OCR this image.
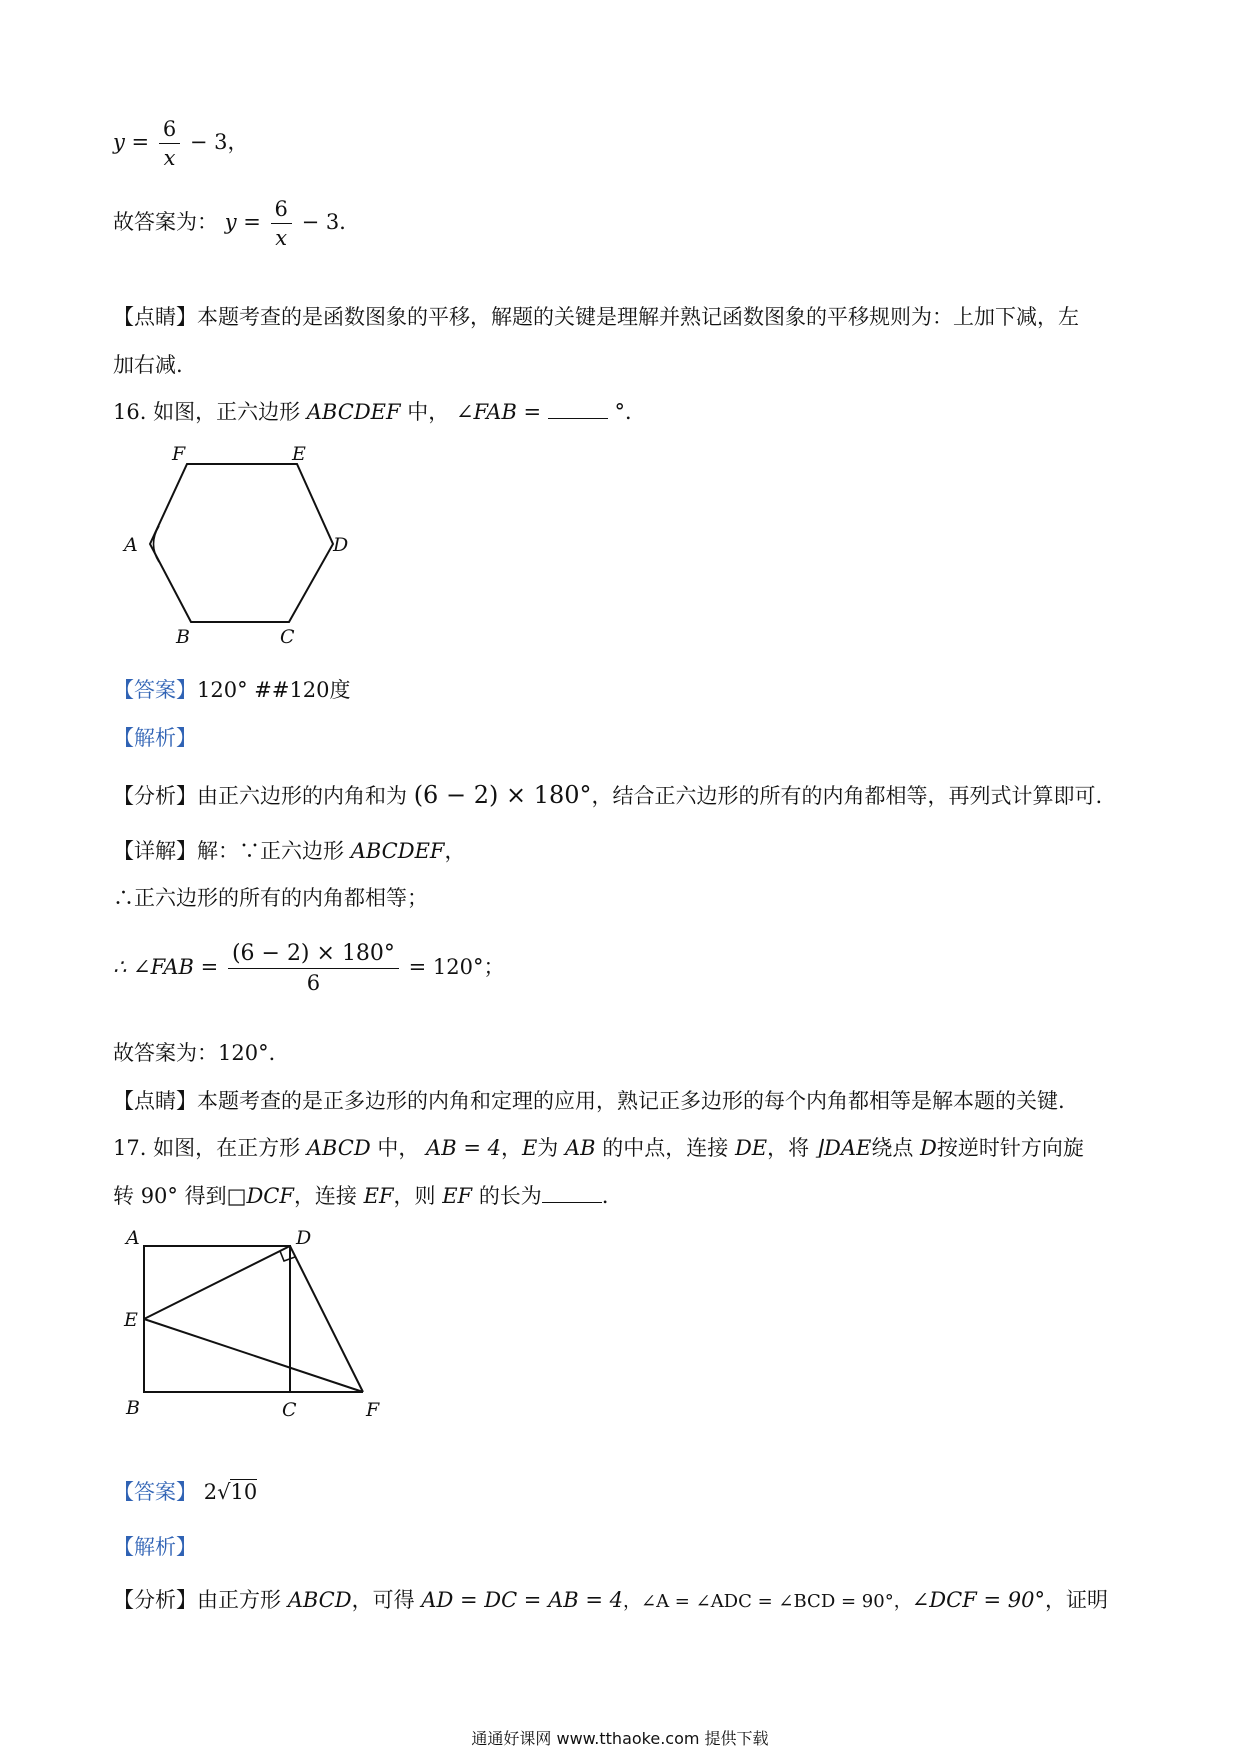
$y = \frac{6}{x} - 3$，
故答案为： $y = \frac{6}{x} - 3$．
【点睛】本题考查的是函数图象的平移，解题的关键是理解并熟记函数图象的平移规则为：上加下减，左
加右减.
16. 如图，正六边形 ABCDEF 中， ∠FAB =	°．
F	E
A	D
B	C
【答案】120° ##120度
【解析】
【分析】由正六边形的内角和为 (6 − 2) × 180°，结合正六边形的所有的内角都相等，再列式计算即可.
【详解】解：∵正六边形 ABCDEF，
∴正六边形的所有的内角都相等；
∴ ∠FAB = $\frac{(6 - 2) \times 180^\circ}{6} = 120^\circ$；
故答案为：120°．
【点睛】本题考查的是正多边形的内角和定理的应用，熟记正多边形的每个内角都相等是解本题的关键.
17. 如图，在正方形 ABCD 中， AB = 4，E为 AB 的中点，连接 DE，将 ⌋DAE绕点 D按逆时针方向旋
转 90° 得到□DCF，连接 EF，则 EF 的长为	．
A	D
E
B	C	F
【答案】 2√10
【解析】
【分析】由正方形 ABCD，可得 AD = DC = AB = 4，∠A = ∠ADC = ∠BCD = 90°，∠DCF = 90°，证明
通通好课网 www.tthaoke.com 提供下载
